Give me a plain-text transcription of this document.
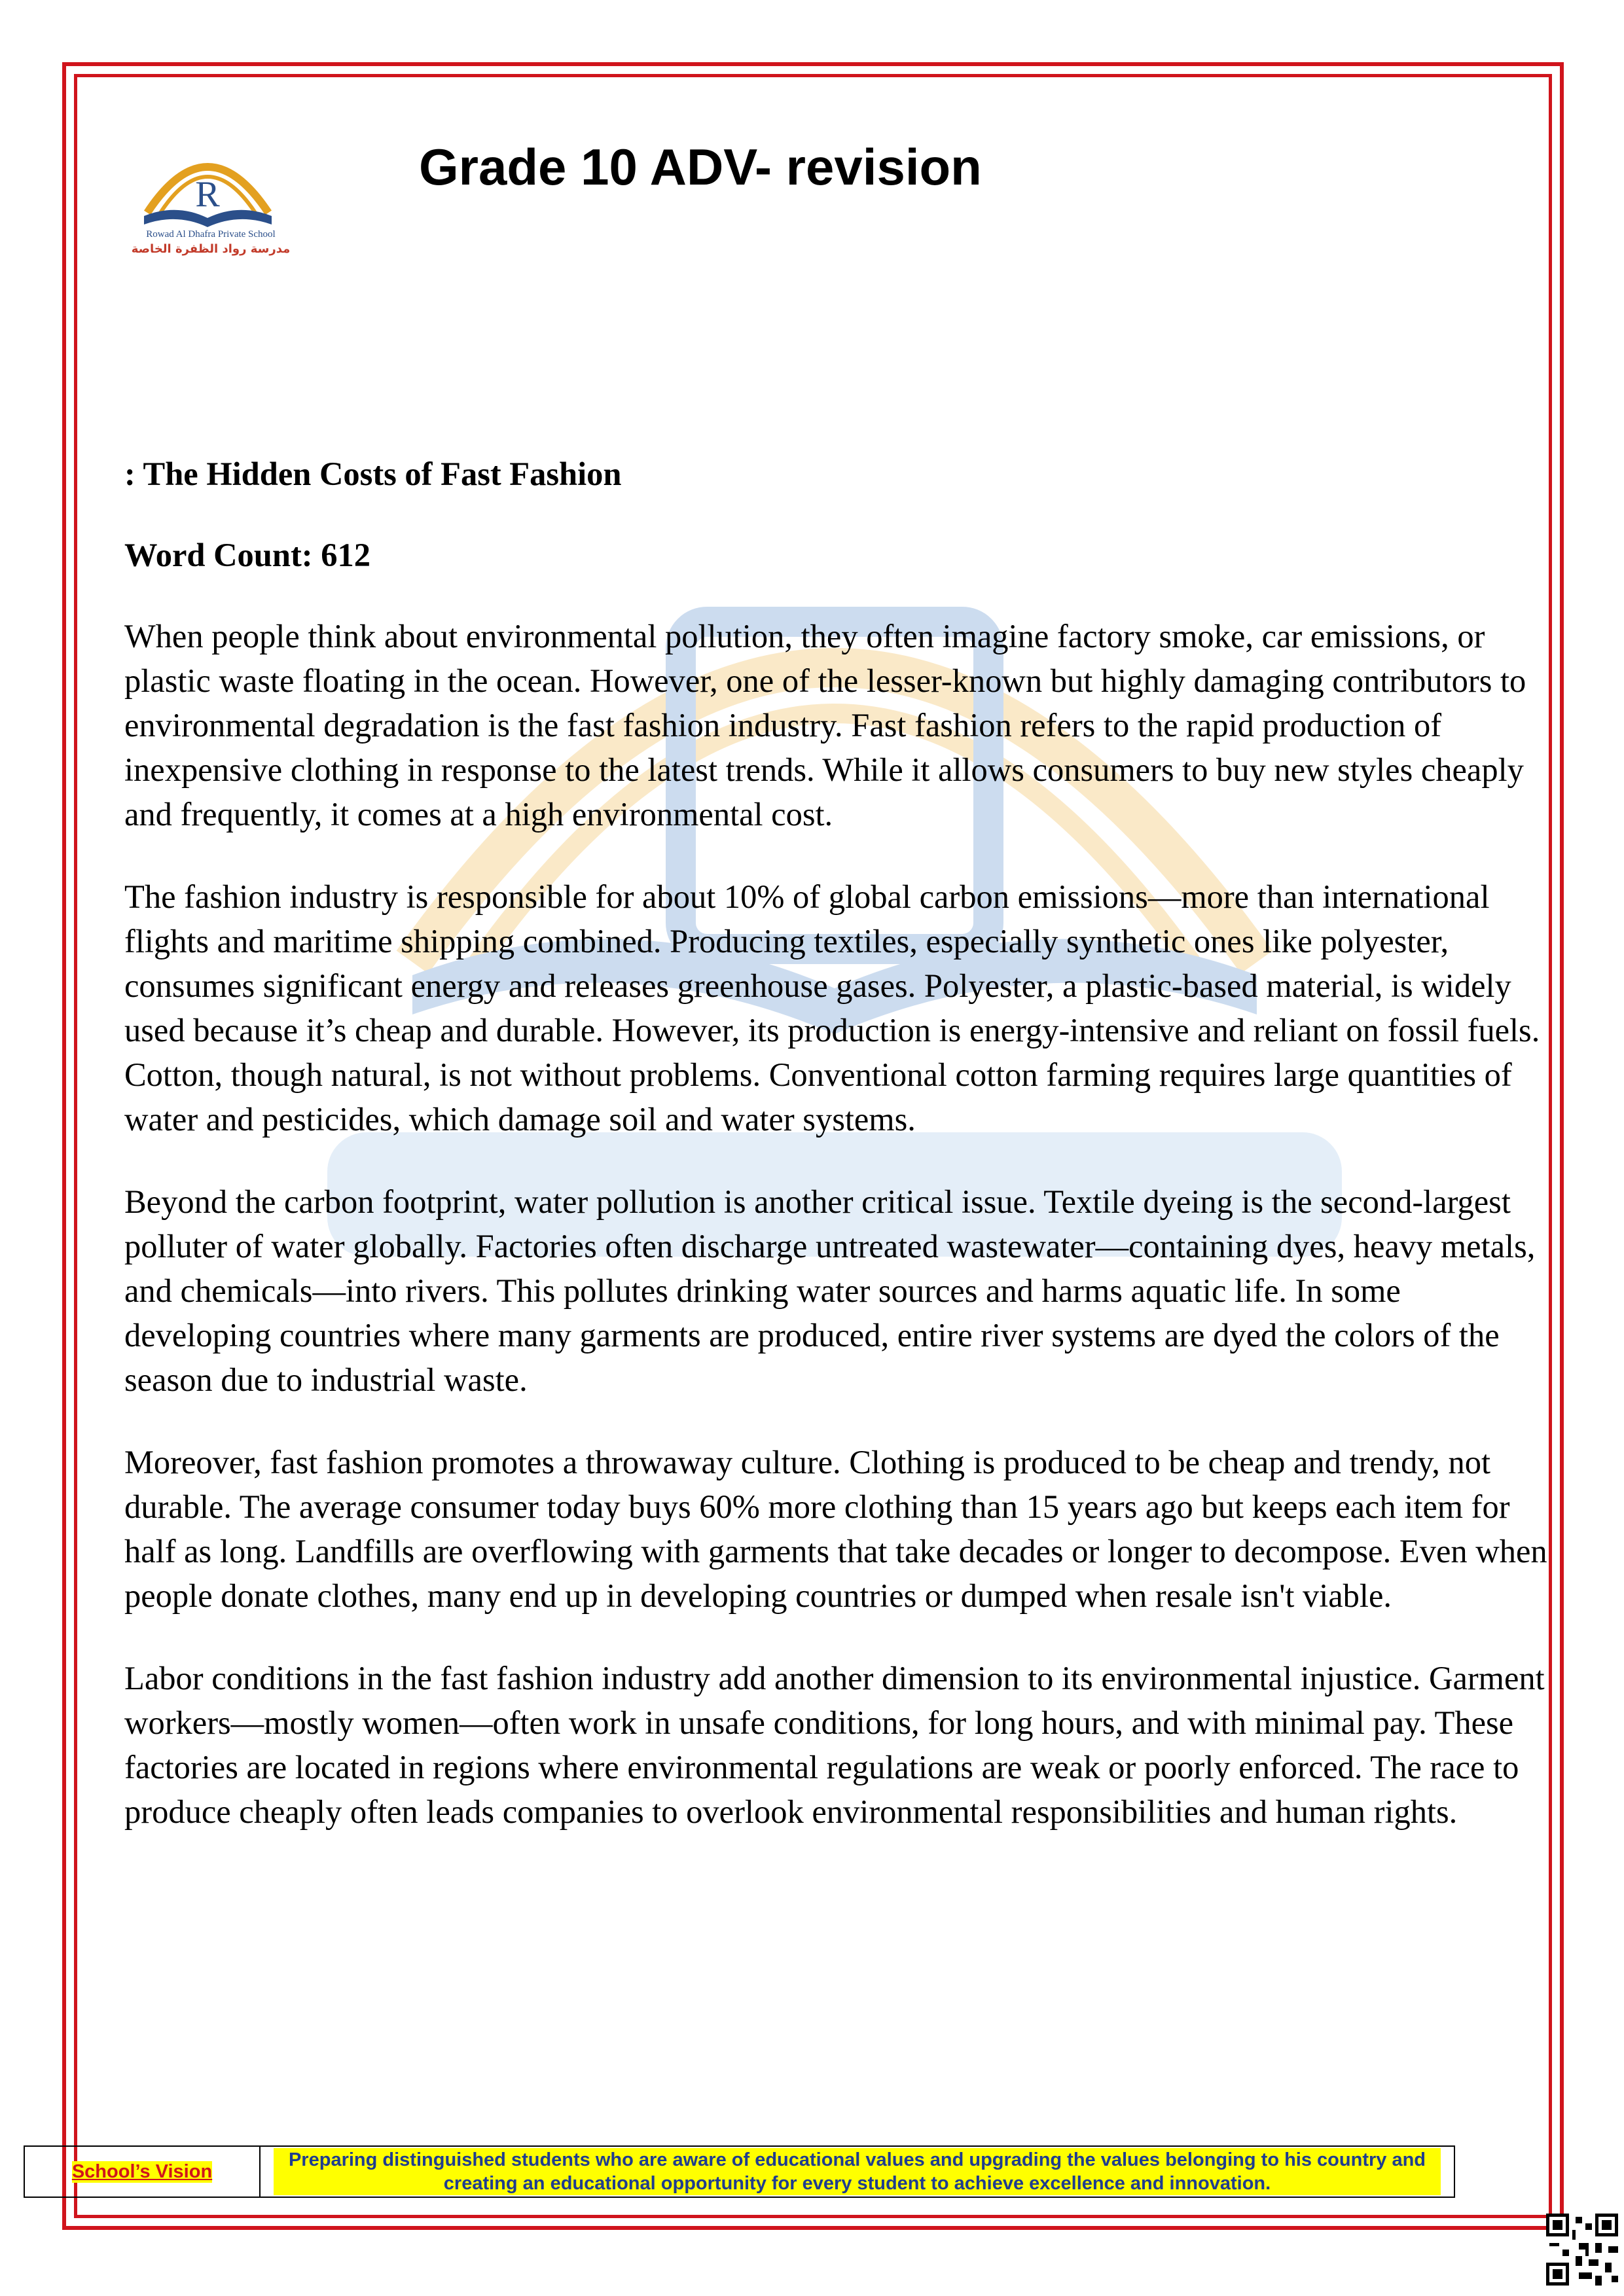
R
Rowad Al Dhafra Private School
مدرسة رواد الظفرة الخاصة
Grade 10 ADV- revision

: The Hidden Costs of Fast Fashion

Word Count: 612

When people think about environmental pollution, they often imagine factory smoke, car emissions, or plastic waste floating in the ocean. However, one of the lesser-known but highly damaging contributors to environmental degradation is the fast fashion industry. Fast fashion refers to the rapid production of inexpensive clothing in response to the latest trends. While it allows consumers to buy new styles cheaply and frequently, it comes at a high environmental cost.

The fashion industry is responsible for about 10% of global carbon emissions—more than international flights and maritime shipping combined. Producing textiles, especially synthetic ones like polyester, consumes significant energy and releases greenhouse gases. Polyester, a plastic-based material, is widely used because it’s cheap and durable. However, its production is energy-intensive and reliant on fossil fuels. Cotton, though natural, is not without problems. Conventional cotton farming requires large quantities of water and pesticides, which damage soil and water systems.

Beyond the carbon footprint, water pollution is another critical issue. Textile dyeing is the second-largest polluter of water globally. Factories often discharge untreated wastewater—containing dyes, heavy metals, and chemicals—into rivers. This pollutes drinking water sources and harms aquatic life. In some developing countries where many garments are produced, entire river systems are dyed the colors of the season due to industrial waste.

Moreover, fast fashion promotes a throwaway culture. Clothing is produced to be cheap and trendy, not durable. The average consumer today buys 60% more clothing than 15 years ago but keeps each item for half as long. Landfills are overflowing with garments that take decades or longer to decompose. Even when people donate clothes, many end up in developing countries or dumped when resale isn't viable.

Labor conditions in the fast fashion industry add another dimension to its environmental injustice. Garment workers—mostly women—often work in unsafe conditions, for long hours, and with minimal pay. These factories are located in regions where environmental regulations are weak or poorly enforced. The race to produce cheaply often leads companies to overlook environmental responsibilities and human rights.

School’s Vision
Preparing distinguished students who are aware of educational values and upgrading the values belonging to his country and creating an educational opportunity for every student to achieve excellence and innovation.
